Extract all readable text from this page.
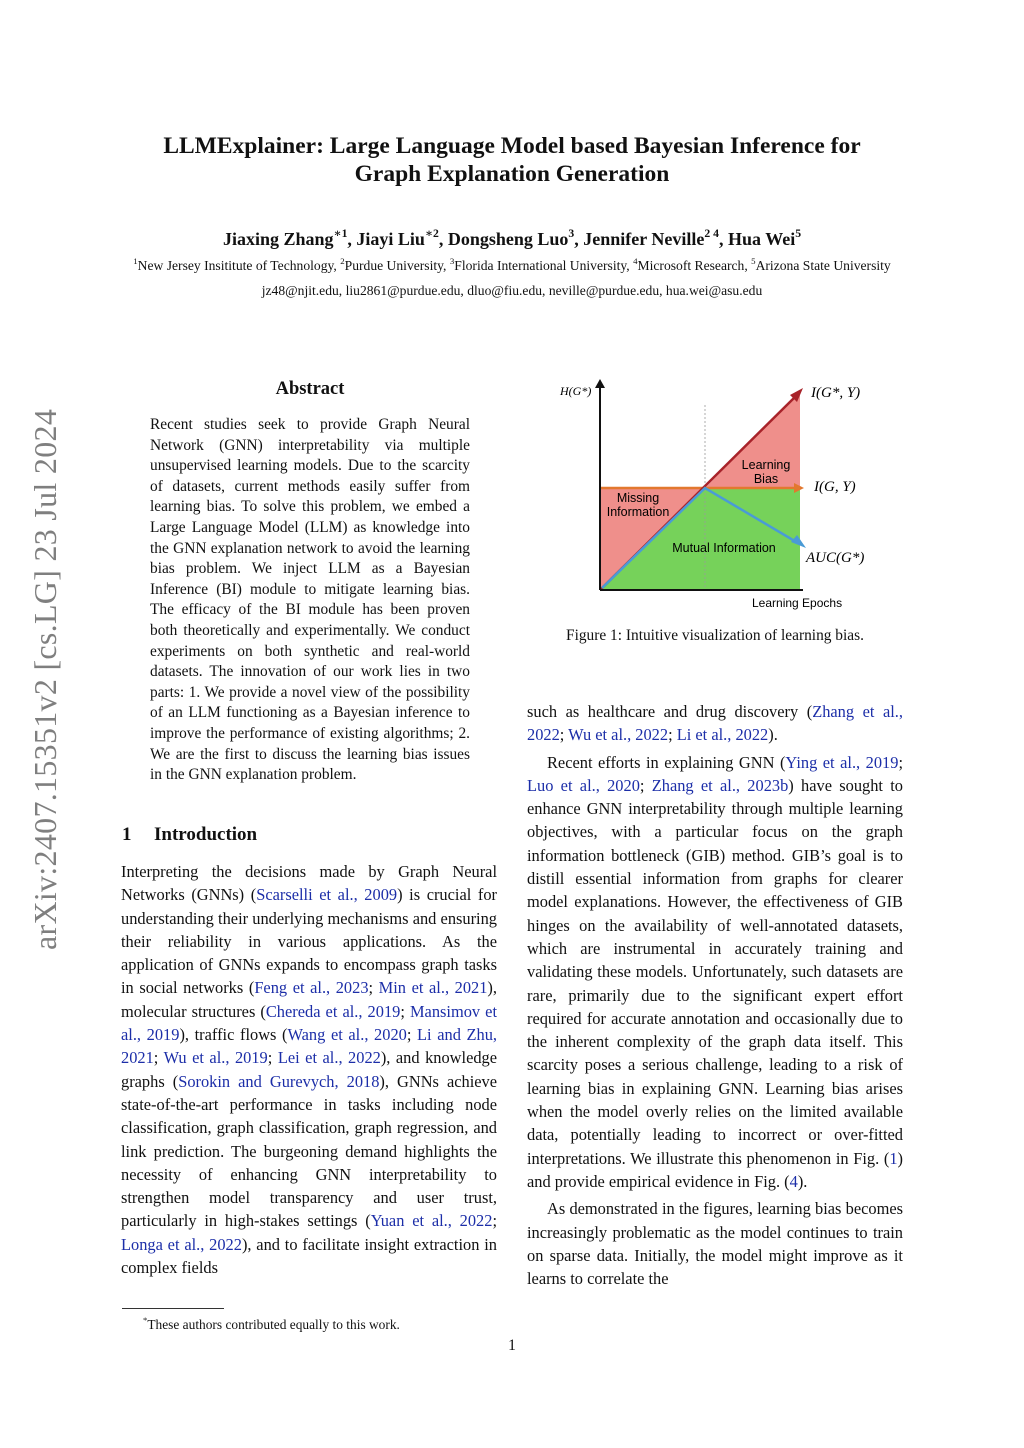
LLMExplainer: Large Language Model based Bayesian Inference for
Graph Explanation Generation
Jiaxing Zhang$^{∗1}$, Jiayi Liu$^{∗2}$, Dongsheng Luo$^3$, Jennifer Neville$^{2 4}$, Hua Wei$^5$
$^1$New Jersey Insititute of Technology, $^2$Purdue University, $^3$Florida International University, $^4$Microsoft Research, $^5$Arizona State University
jz48@njit.edu, liu2861@purdue.edu, dluo@fiu.edu, neville@purdue.edu, hua.wei@asu.edu
arXiv:2407.15351v2 [cs.LG] 23 Jul 2024
Abstract
Recent studies seek to provide Graph Neural Network (GNN) interpretability via multiple unsupervised learning models. Due to the scarcity of datasets, current methods easily suffer from learning bias. To solve this problem, we embed a Large Language Model (LLM) as knowledge into the GNN explanation network to avoid the learning bias problem. We inject LLM as a Bayesian Inference (BI) module to mitigate learning bias. The efficacy of the BI module has been proven both theoretically and experimentally. We conduct experiments on both synthetic and real-world datasets. The innovation of our work lies in two parts: 1. We provide a novel view of the possibility of an LLM functioning as a Bayesian inference to improve the performance of existing algorithms; 2. We are the first to discuss the learning bias issues in the GNN explanation problem.
1 Introduction

Interpreting the decisions made by Graph Neural Networks (GNNs) (Scarselli et al., 2009) is crucial for understanding their underlying mechanisms and ensuring their reliability in various applications. As the application of GNNs expands to encompass graph tasks in social networks (Feng et al., 2023; Min et al., 2021), molecular structures (Chereda et al., 2019; Mansimov et al., 2019), traffic flows (Wang et al., 2020; Li and Zhu, 2021; Wu et al., 2019; Lei et al., 2022), and knowledge graphs (Sorokin and Gurevych, 2018), GNNs achieve state-of-the-art performance in tasks including node classification, graph classification, graph regression, and link prediction. The burgeoning demand highlights the necessity of enhancing GNN interpretability to strengthen model transparency and user trust, particularly in high-stakes settings (Yuan et al., 2022; Longa et al., 2022), and to facilitate insight extraction in complex fields

H(G*)
Learning Epochs
I(G*, Y)
I(G, Y)
AUC(G*)
Missing
Information
Learning
Bias
Mutual Information
Figure 1: Intuitive visualization of learning bias.

such as healthcare and drug discovery (Zhang et al., 2022; Wu et al., 2022; Li et al., 2022).

Recent efforts in explaining GNN (Ying et al., 2019; Luo et al., 2020; Zhang et al., 2023b) have sought to enhance GNN interpretability through multiple learning objectives, with a particular focus on the graph information bottleneck (GIB) method. GIB’s goal is to distill essential information from graphs for clearer model explanations. However, the effectiveness of GIB hinges on the availability of well-annotated datasets, which are instrumental in accurately training and validating these models. Unfortunately, such datasets are rare, primarily due to the significant expert effort required for accurate annotation and occasionally due to the inherent complexity of the graph data itself. This scarcity poses a serious challenge, leading to a risk of learning bias in explaining GNN. Learning bias arises when the model overly relies on the limited available data, potentially leading to incorrect or over-fitted interpretations. We illustrate this phenomenon in Fig. (1) and provide empirical evidence in Fig. (4).

As demonstrated in the figures, learning bias becomes increasingly problematic as the model continues to train on sparse data. Initially, the model might improve as it learns to correlate the

*These authors contributed equally to this work.
1
